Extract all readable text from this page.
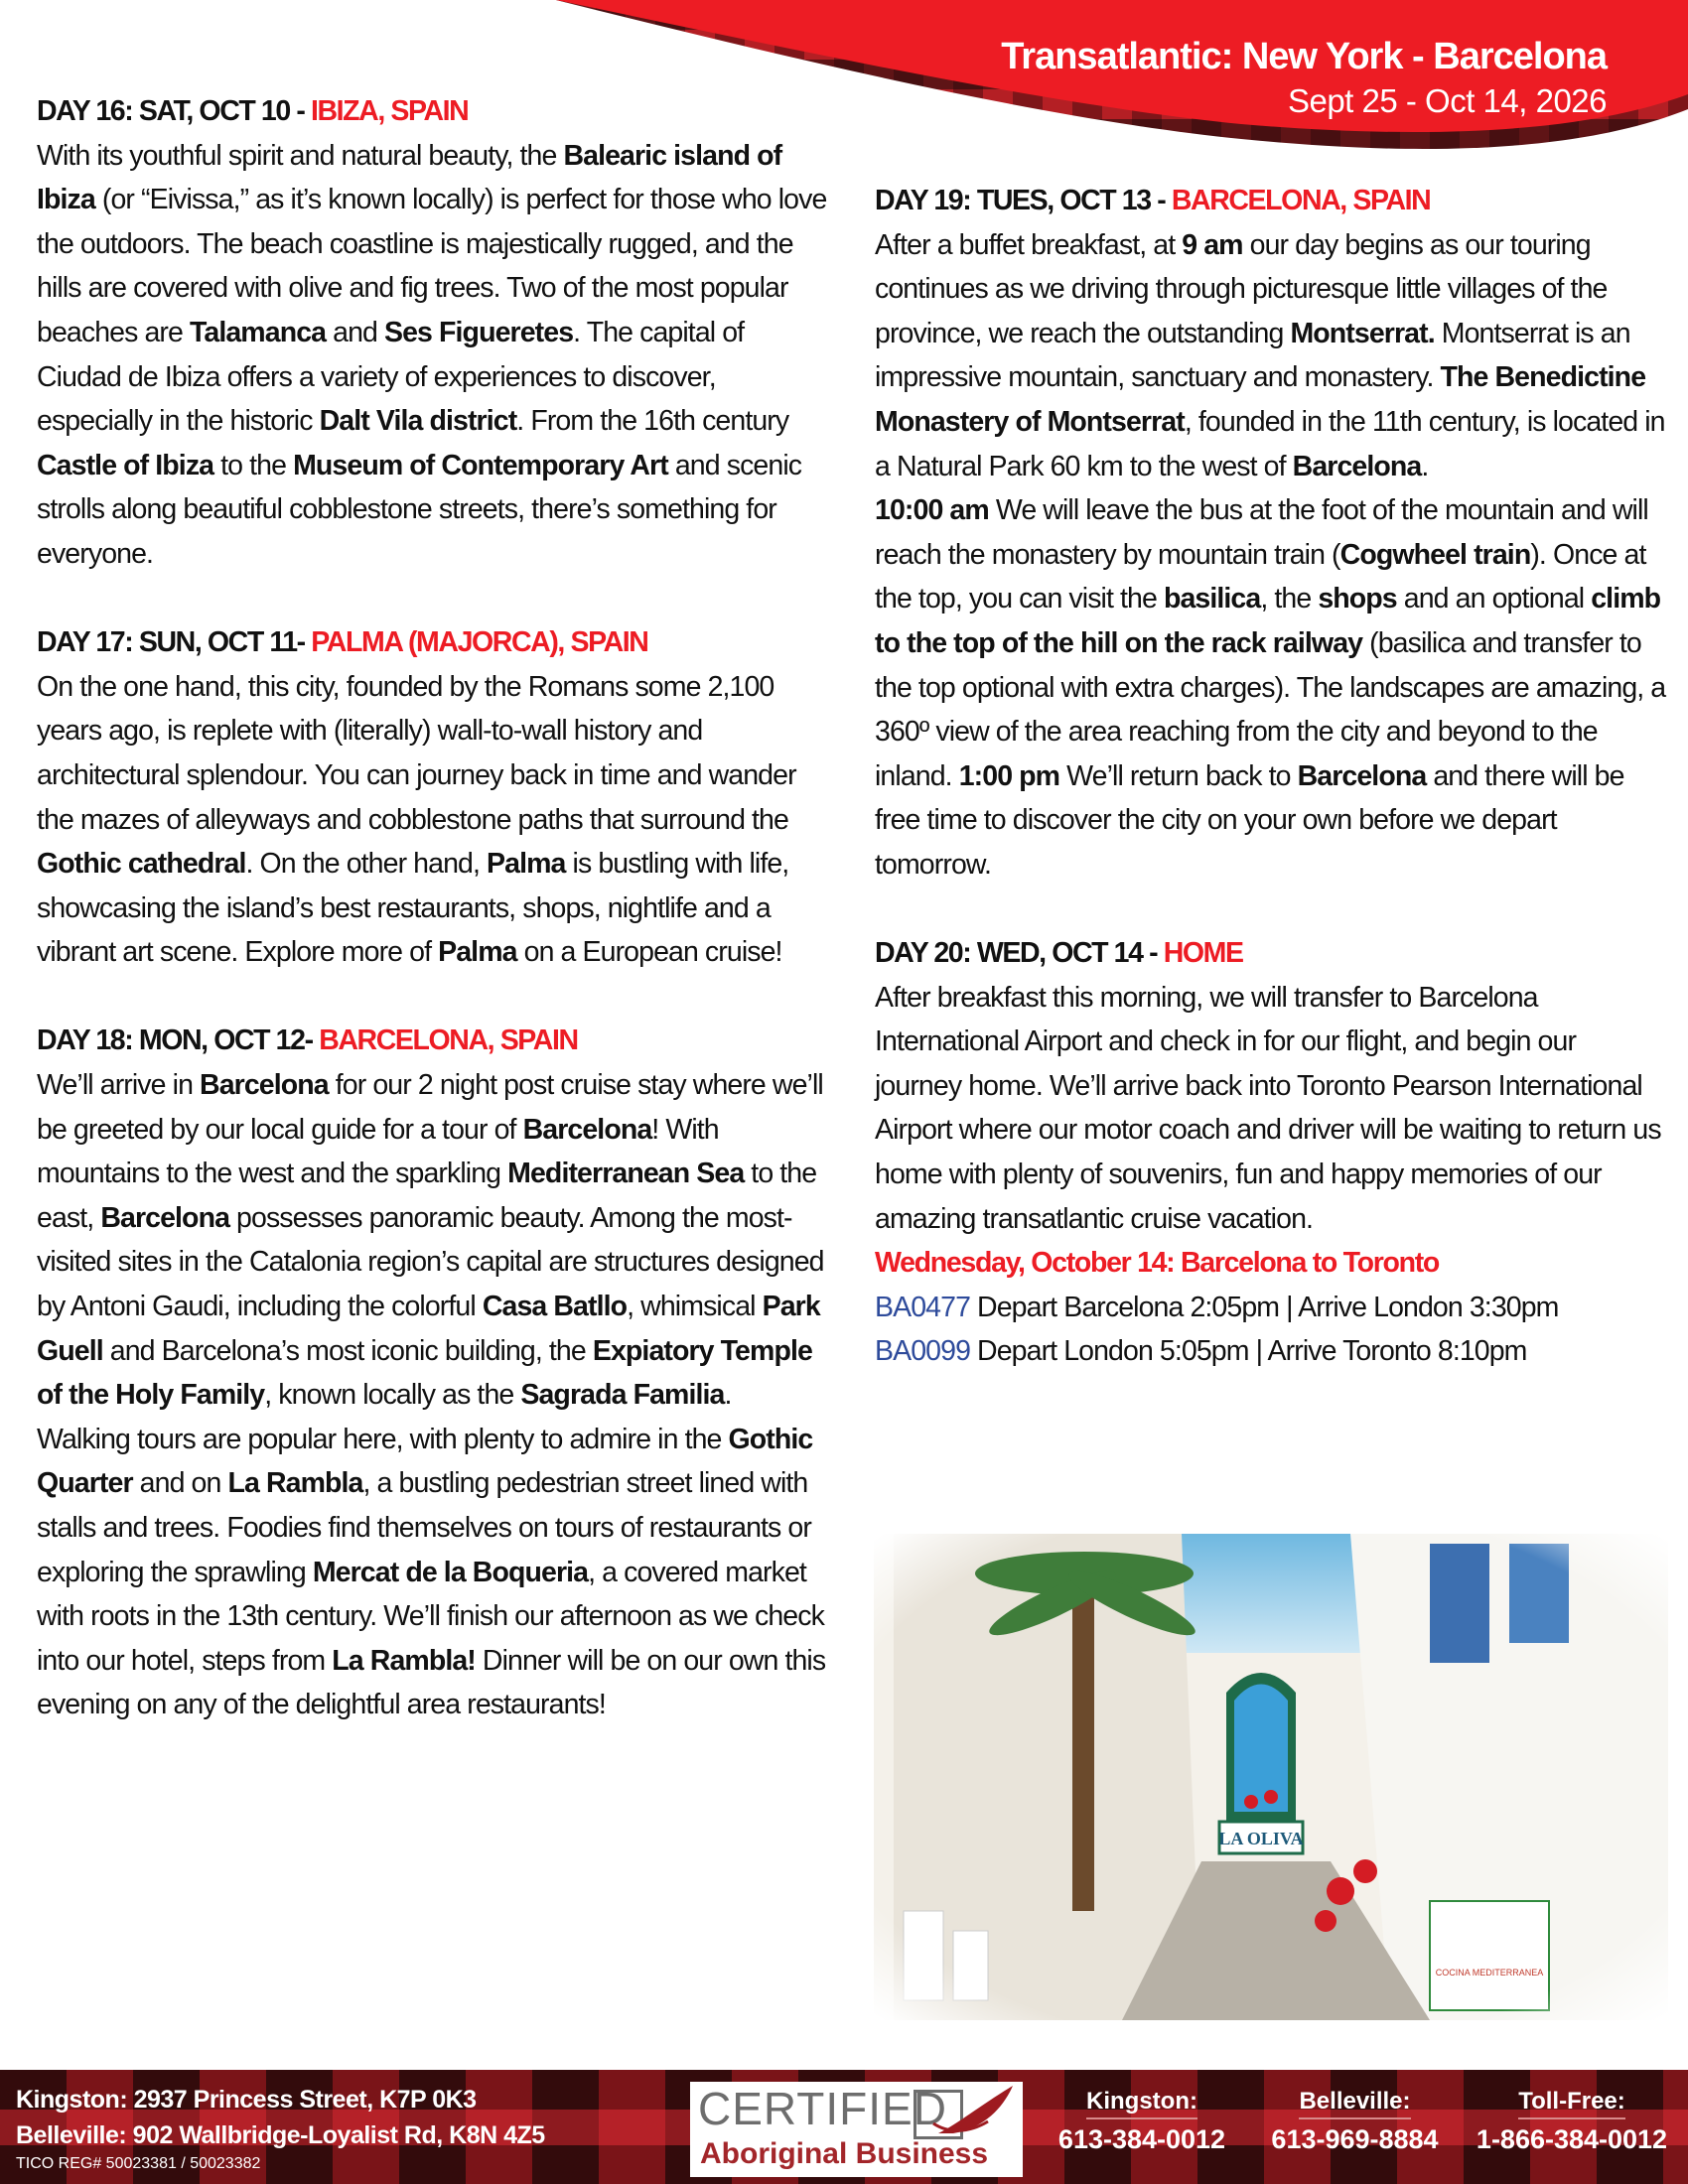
Transatlantic: New York - Barcelona
Sept 25 - Oct 14, 2026
DAY 16: SAT, OCT 10 - IBIZA, SPAIN

With its youthful spirit and natural beauty, the Balearic island of Ibiza (or “Eivissa,” as it’s known locally) is perfect for those who love the outdoors. The beach coastline is majestically rugged, and the hills are covered with olive and fig trees. Two of the most popular beaches are Talamanca and Ses Figueretes. The capital of Ciudad de Ibiza offers a variety of experiences to discover, especially in the historic Dalt Vila district. From the 16th century Castle of Ibiza to the Museum of Contemporary Art and scenic strolls along beautiful cobblestone streets, there’s something for everyone.

DAY 17: SUN, OCT 11- PALMA (MAJORCA), SPAIN

On the one hand, this city, founded by the Romans some 2,100 years ago, is replete with (literally) wall-to-wall history and architectural splendour. You can journey back in time and wander the mazes of alleyways and cobblestone paths that surround the Gothic cathedral. On the other hand, Palma is bustling with life, showcasing the island’s best restaurants, shops, nightlife and a vibrant art scene. Explore more of Palma on a European cruise!

DAY 18: MON, OCT 12- BARCELONA, SPAIN

We’ll arrive in Barcelona for our 2 night post cruise stay where we’ll be greeted by our local guide for a tour of Barcelona! With mountains to the west and the sparkling Mediterranean Sea to the east, Barcelona possesses panoramic beauty. Among the most-visited sites in the Catalonia region’s capital are structures designed by Antoni Gaudi, including the colorful Casa Batllo, whimsical Park Guell and Barcelona’s most iconic building, the Expiatory Temple of the Holy Family, known locally as the Sagrada Familia. Walking tours are popular here, with plenty to admire in the Gothic Quarter and on La Rambla, a bustling pedestrian street lined with stalls and trees. Foodies find themselves on tours of restaurants or exploring the sprawling Mercat de la Boqueria, a covered market with roots in the 13th century. We’ll finish our afternoon as we check into our hotel, steps from La Rambla! Dinner will be on our own this evening on any of the delightful area restaurants!

DAY 19: TUES, OCT 13 - BARCELONA, SPAIN

After a buffet breakfast, at 9 am our day begins as our touring continues as we driving through picturesque little villages of the province, we reach the outstanding Montserrat. Montserrat is an impressive mountain, sanctuary and monastery. The Benedictine Monastery of Montserrat, founded in the 11th century, is located in a Natural Park 60 km to the west of Barcelona.
10:00 am We will leave the bus at the foot of the mountain and will reach the monastery by mountain train (Cogwheel train). Once at the top, you can visit the basilica, the shops and an optional climb to the top of the hill on the rack railway (basilica and transfer to the top optional with extra charges). The landscapes are amazing, a 360º view of the area reaching from the city and beyond to the inland. 1:00 pm We’ll return back to Barcelona and there will be free time to discover the city on your own before we depart tomorrow.

DAY 20: WED, OCT 14 - HOME

After breakfast this morning, we will transfer to Barcelona International Airport and check in for our flight, and begin our journey home. We’ll arrive back into Toronto Pearson International Airport where our motor coach and driver will be waiting to return us home with plenty of souvenirs, fun and happy memories of our amazing transatlantic cruise vacation.

Wednesday, October 14: Barcelona to Toronto
BA0477 Depart Barcelona 2:05pm | Arrive London 3:30pm
BA0099 Depart London 5:05pm | Arrive Toronto 8:10pm
Kingston: 2937 Princess Street, K7P 0K3
Belleville: 902 Wallbridge-Loyalist Rd, K8N 4Z5
TICO REG# 50023381 / 50023382
CERTIFIED
Aboriginal Business
Kingston:
613-384-0012
Belleville:
613-969-8884
Toll-Free:
1-866-384-0012
